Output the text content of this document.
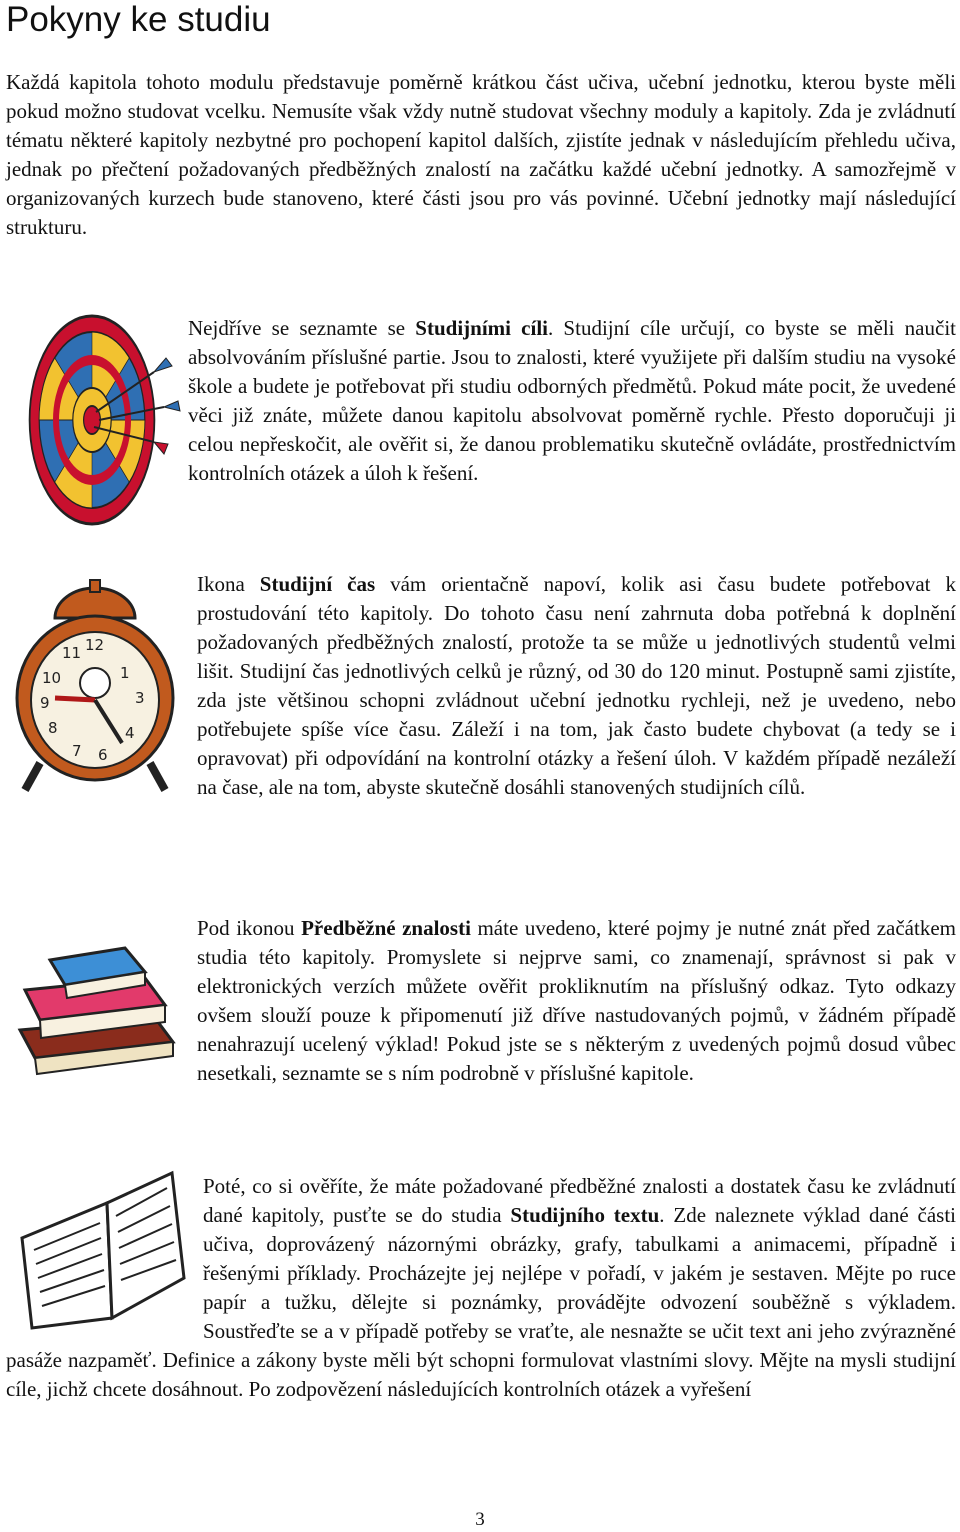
Pokyny ke studiu

Každá kapitola tohoto modulu představuje poměrně krátkou část učiva, učební jednotku, kterou byste měli pokud možno studovat vcelku. Nemusíte však vždy nutně studovat všechny moduly a kapitoly. Zda je zvládnutí tématu některé kapitoly nezbytné pro pochopení kapitol dalších, zjistíte jednak v následujícím přehledu učiva, jednak po přečtení požadovaných předběžných znalostí na začátku každé učební jednotky. A samozřejmě v organizovaných kurzech bude stanoveno, které části jsou pro vás povinné. Učební jednotky mají následující strukturu.

Nejdříve se seznamte se Studijními cíli. Studijní cíle určují, co byste se měli naučit absolvováním příslušné partie. Jsou to znalosti, které využijete při dalším studiu na vysoké škole a budete je potřebovat při studiu odborných předmětů. Pokud máte pocit, že uvedené věci již znáte, můžete danou kapitolu absolvovat poměrně rychle. Přesto doporučuji ji celou nepřeskočit, ale ověřit si, že danou problematiku skutečně ovládáte, prostřednictvím kontrolních otázek a úloh k řešení.
12
1
3
4
6
7
8
9
10
11
Ikona Studijní čas vám orientačně napoví, kolik asi času budete potřebovat k prostudování této kapitoly. Do tohoto času není zahrnuta doba potřebná k doplnění požadovaných předběžných znalostí, protože ta se může u jednotlivých studentů velmi lišit. Studijní čas jednotlivých celků je různý, od 30 do 120 minut. Postupně sami zjistíte, zda jste většinou schopni zvládnout učební jednotku rychleji, než je uvedeno, nebo potřebujete spíše více času. Záleží i na tom, jak často budete chybovat (a tedy se i opravovat) při odpovídání na kontrolní otázky a řešení úloh. V každém případě nezáleží na čase, ale na tom, abyste skutečně dosáhli stanovených studijních cílů.
Pod ikonou Předběžné znalosti máte uvedeno, které pojmy je nutné znát před začátkem studia této kapitoly. Promyslete si nejprve sami, co znamenají, správnost si pak v elektronických verzích můžete ověřit prokliknutím na příslušný odkaz. Tyto odkazy ovšem slouží pouze k připomenutí již dříve nastudovaných pojmů, v žádném případě nenahrazují ucelený výklad! Pokud jste se s některým z uvedených pojmů dosud vůbec nesetkali, seznamte se s ním podrobně v příslušné kapitole.
Poté, co si ověříte, že máte požadované předběžné znalosti a dostatek času ke zvládnutí dané kapitoly, pusťte se do studia Studijního textu. Zde naleznete výklad dané části učiva, doprovázený názornými obrázky, grafy, tabulkami a animacemi, případně i řešenými příklady. Procházejte jej nejlépe v pořadí, v jakém je sestaven. Mějte po ruce papír a tužku, dělejte si poznámky, provádějte odvození souběžně s výkladem. Soustřeďte se a v případě potřeby se vraťte, ale nesnažte se učit text ani jeho zvýrazněné pasáže nazpaměť. Definice a zákony byste měli být schopni formulovat vlastními slovy. Mějte na mysli studijní cíle, jichž chcete dosáhnout. Po zodpovězení následujících kontrolních otázek a vyřešení
3
